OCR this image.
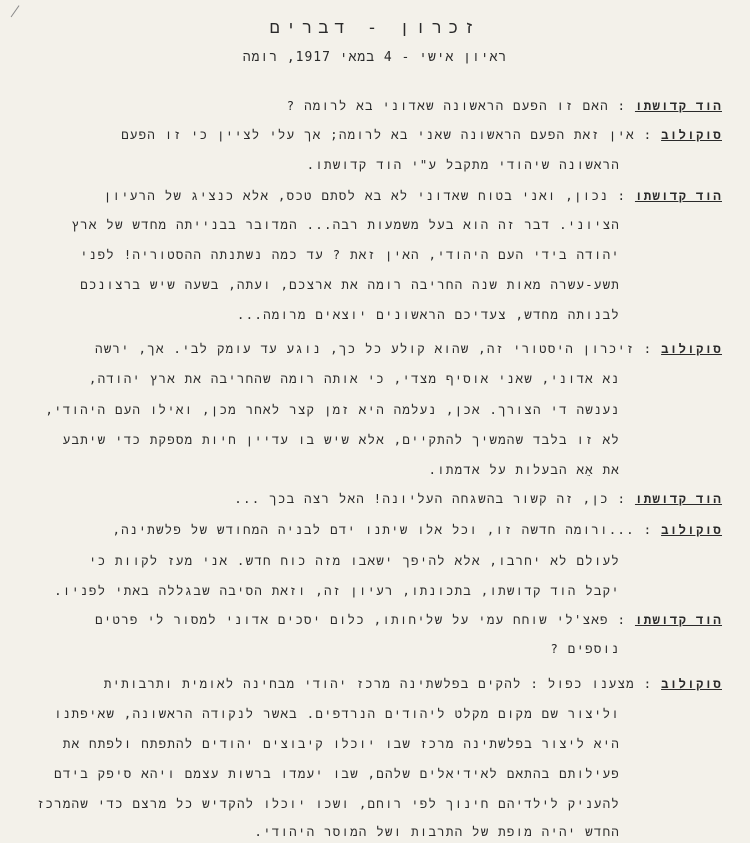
זכרון - דברים
ראיון אישי - 4 במאי 1917, רומה
הוד קדושתו : האם זו הפעם הראשונה שאדוני בא לרומה ?
סוקולוב : אין זאת הפעם הראשונה שאני בא לרומה; אך עלי לציין כי זו הפעם
הראשונה שיהודי מתקבל ע"י הוד קדושתו.
הוד קדושתו : נכון, ואני בטוח שאדוני לא בא לסתם טכס, אלא כנציג של הרעיון
הציוני. דבר זה הוא בעל משמעות רבה... המדובר בבנייתה מחדש של ארץ
יהודה בידי העם היהודי, האין זאת ? עד כמה נשתנתה ההסטוריה! לפני
תשע-עשרה מאות שנה החריבה רומה את ארצכם, ועתה, בשעה שיש ברצונכם
לבנותה מחדש, צעדיכם הראשונים יוצאים מרומה...
סוקולוב : זיכרון היסטורי זה, שהוא קולע כל כך, נוגע עד עומק לבי. אך, ירשה
נא אדוני, שאני אוסיף מצדי, כי אותה רומה שהחריבה את ארץ יהודה,
נענשה די הצורך. אכן, נעלמה היא זמן קצר לאחר מכן, ואילו העם היהודי,
לא זו בלבד שהמשיך להתקיים, אלא שיש בו עדיין חיות מספקת כדי שיתבע
את אֵא הבעלות על אדמתו.
הוד קדושתו : כן, זה קשור בהשגחה העליונה! האל רצה בכך ...
סוקולוב : ...ורומה חדשה זו, וכל אלו שיתנו ידם לבניה המחודש של פלשתינה,
לעולם לא יחרבו, אלא להיפך ישאבו מזה כוח חדש. אני מעז לקוות כי
יקבל הוד קדושתו, בתכונתו, רעיון זה, וזאת הסיבה שבגללה באתי לפניו.
הוד קדושתו : פאצ'לי שוחח עמי על שליחותו, כלום יסכים אדוני למסור לי פרטים
נוספים ?
סוקולוב : מצענו כפול : להקים בפלשתינה מרכז יהודי מבחינה לאומית ותרבותית
וליצור שם מקום מקלט ליהודים הנרדפים. באשר לנקודה הראשונה, שאיפתנו
היא ליצור בפלשתינה מרכז שבו יוכלו קיבוצים יהודים להתפתח ולפתח את
פעילותם בהתאם לאידיאלים שלהם, שבו יעמדו ברשות עצמם ויהא סיפק בידם
להעניק לילדיהם חינוך לפי רוחם, ושכו יוכלו להקדיש כל מרצם כדי שהמרכז
החדש יהיה מופת של התרבות ושל המוסר היהודי.
